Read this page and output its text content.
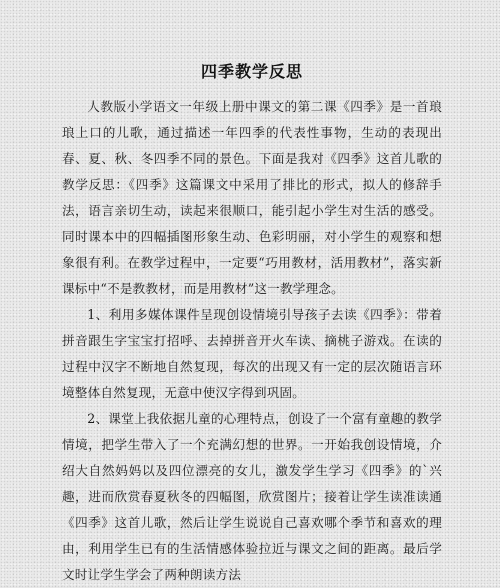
四季教学反思

人教版小学语文一年级上册中课文的第二课《四季》是一首琅琅上口的儿歌，通过描述一年四季的代表性事物，生动的表现出春、夏、秋、冬四季不同的景色。下面是我对《四季》这首儿歌的教学反思：《四季》这篇课文中采用了排比的形式，拟人的修辞手法，语言亲切生动，读起来很顺口，能引起小学生对生活的感受。同时课本中的四幅插图形象生动、色彩明丽，对小学生的观察和想象很有利。在教学过程中，一定要“巧用教材，活用教材”，落实新课标中“不是教教材，而是用教材”这一教学理念。

1、利用多媒体课件呈现创设情境引导孩子去读《四季》：带着拼音跟生字宝宝打招呼、去掉拼音开火车读、摘桃子游戏。在读的过程中汉字不断地自然复现，每次的出现又有一定的层次随语言环境整体自然复现，无意中使汉字得到巩固。

2、课堂上我依据儿童的心理特点，创设了一个富有童趣的教学情境，把学生带入了一个充满幻想的世界。一开始我创设情境，介绍大自然妈妈以及四位漂亮的女儿，激发学生学习《四季》的`兴趣，进而欣赏春夏秋冬的四幅图，欣赏图片；接着让学生读准读通《四季》这首儿歌，然后让学生说说自己喜欢哪个季节和喜欢的理由，利用学生已有的生活情感体验拉近与课文之间的距离。最后学文时让学生学会了两种朗读方法
